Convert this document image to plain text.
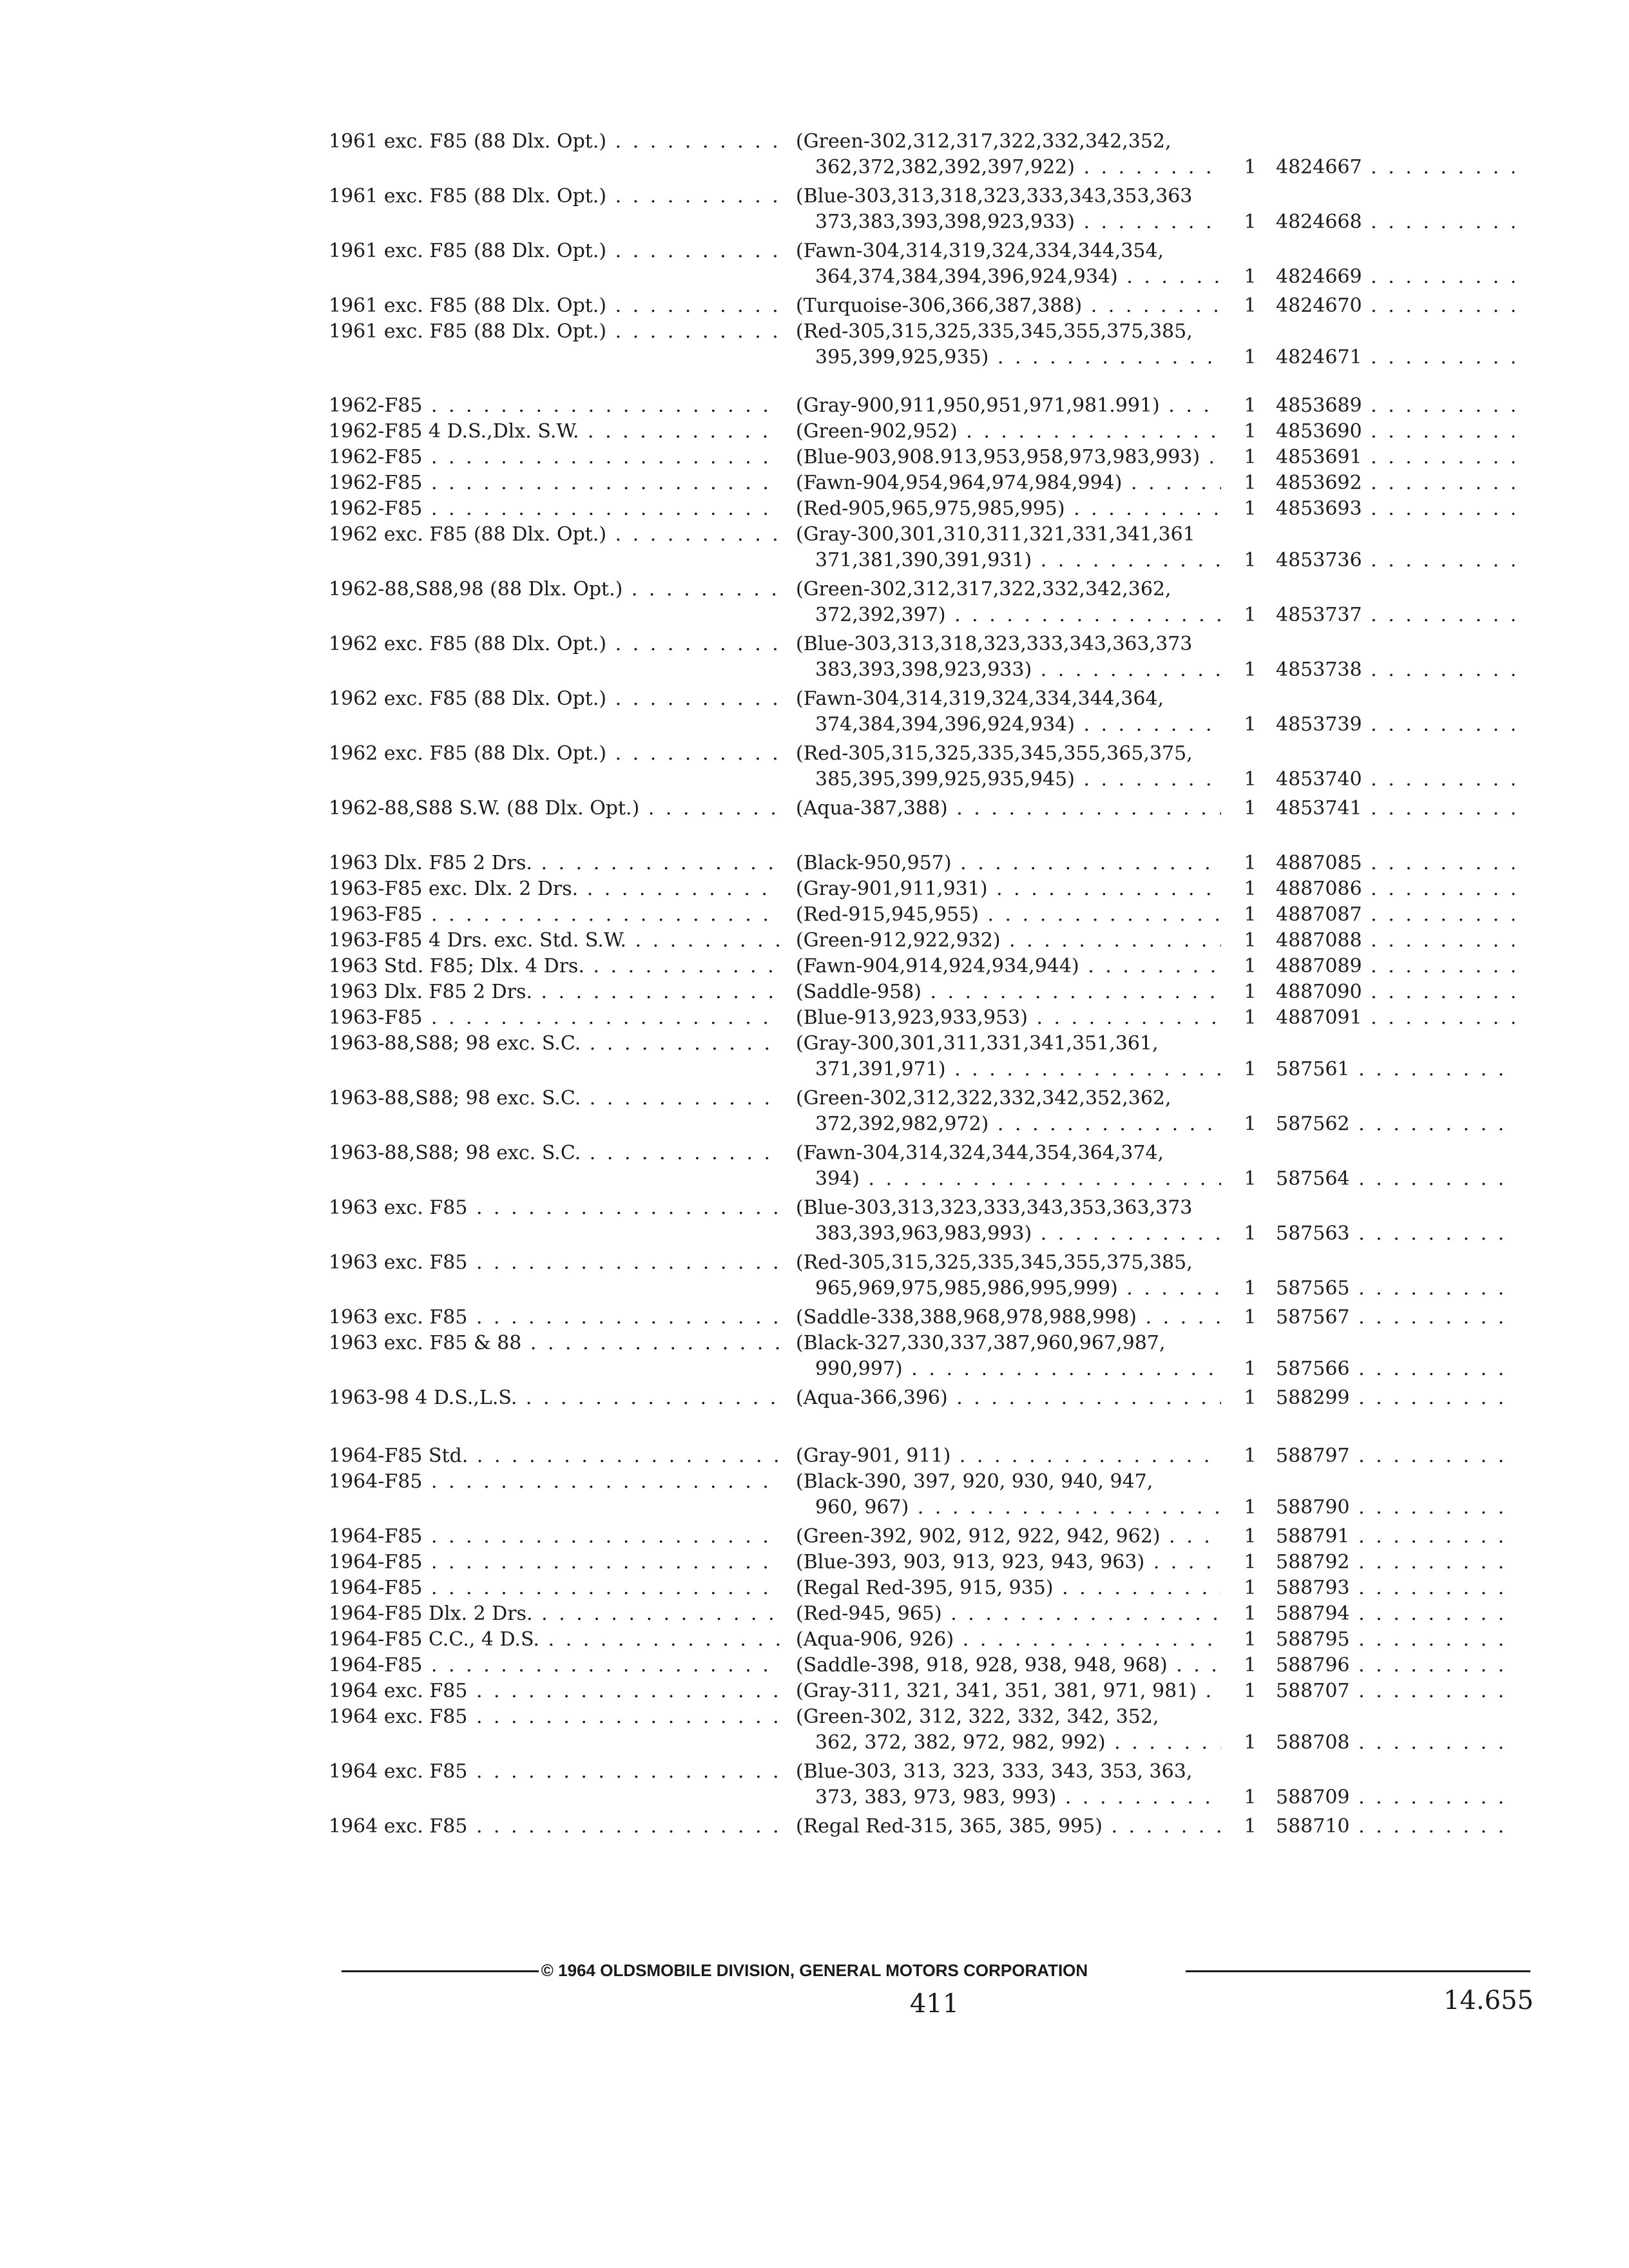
1961 exc. F85 (88 Dlx. Opt.) . . .	(Green-302,312,317,322,332,342,352,
362,372,382,392,397,922) . . .	1	4824667 . . .
1961 exc. F85 (88 Dlx. Opt.) . . .	(Blue-303,313,318,323,333,343,353,363
373,383,393,398,923,933) . . .	1	4824668 . . .
1961 exc. F85 (88 Dlx. Opt.) . . .	(Fawn-304,314,319,324,334,344,354,
364,374,384,394,396,924,934) . . .	1	4824669 . . .
1961 exc. F85 (88 Dlx. Opt.) . . .	(Turquoise-306,366,387,388) . . .	1	4824670 . . .
1961 exc. F85 (88 Dlx. Opt.) . . .	(Red-305,315,325,335,345,355,375,385,
395,399,925,935) . . .	1	4824671 . . .
1962-F85 . . .	(Gray-900,911,950,951,971,981.991) . . .	1	4853689 . . .
1962-F85 4 D.S.,Dlx. S.W. . . .	(Green-902,952) . . .	1	4853690 . . .
1962-F85 . . .	(Blue-903,908.913,953,958,973,983,993) . . .	1	4853691 . . .
1962-F85 . . .	(Fawn-904,954,964,974,984,994) . . .	1	4853692 . . .
1962-F85 . . .	(Red-905,965,975,985,995) . . .	1	4853693 . . .
1962 exc. F85 (88 Dlx. Opt.) . . .	(Gray-300,301,310,311,321,331,341,361
371,381,390,391,931) . . .	1	4853736 . . .
1962-88,S88,98 (88 Dlx. Opt.) . . .	(Green-302,312,317,322,332,342,362,
372,392,397) . . .	1	4853737 . . .
1962 exc. F85 (88 Dlx. Opt.) . . .	(Blue-303,313,318,323,333,343,363,373
383,393,398,923,933) . . .	1	4853738 . . .
1962 exc. F85 (88 Dlx. Opt.) . . .	(Fawn-304,314,319,324,334,344,364,
374,384,394,396,924,934) . . .	1	4853739 . . .
1962 exc. F85 (88 Dlx. Opt.) . . .	(Red-305,315,325,335,345,355,365,375,
385,395,399,925,935,945) . . .	1	4853740 . . .
1962-88,S88 S.W. (88 Dlx. Opt.) . . .	(Aqua-387,388) . . .	1	4853741 . . .
1963 Dlx. F85 2 Drs. . . .	(Black-950,957) . . .	1	4887085 . . .
1963-F85 exc. Dlx. 2 Drs. . . .	(Gray-901,911,931) . . .	1	4887086 . . .
1963-F85 . . .	(Red-915,945,955) . . .	1	4887087 . . .
1963-F85 4 Drs. exc. Std. S.W. . . .	(Green-912,922,932) . . .	1	4887088 . . .
1963 Std. F85; Dlx. 4 Drs. . . .	(Fawn-904,914,924,934,944) . . .	1	4887089 . . .
1963 Dlx. F85 2 Drs. . . .	(Saddle-958) . . .	1	4887090 . . .
1963-F85 . . .	(Blue-913,923,933,953) . . .	1	4887091 . . .
1963-88,S88; 98 exc. S.C. . . .	(Gray-300,301,311,331,341,351,361,
371,391,971) . . .	1	587561 . . .
1963-88,S88; 98 exc. S.C. . . .	(Green-302,312,322,332,342,352,362,
372,392,982,972) . . .	1	587562 . . .
1963-88,S88; 98 exc. S.C. . . .	(Fawn-304,314,324,344,354,364,374,
394) . . .	1	587564 . . .
1963 exc. F85 . . .	(Blue-303,313,323,333,343,353,363,373
383,393,963,983,993) . . .	1	587563 . . .
1963 exc. F85 . . .	(Red-305,315,325,335,345,355,375,385,
965,969,975,985,986,995,999) . . .	1	587565 . . .
1963 exc. F85 . . .	(Saddle-338,388,968,978,988,998) . . .	1	587567 . . .
1963 exc. F85 & 88 . . .	(Black-327,330,337,387,960,967,987,
990,997) . . .	1	587566 . . .
1963-98 4 D.S.,L.S. . . .	(Aqua-366,396) . . .	1	588299 . . .
1964-F85 Std. . . .	(Gray-901, 911) . . .	1	588797 . . .
1964-F85 . . .	(Black-390, 397, 920, 930, 940, 947,
960, 967) . . .	1	588790 . . .
1964-F85 . . .	(Green-392, 902, 912, 922, 942, 962) . . .	1	588791 . . .
1964-F85 . . .	(Blue-393, 903, 913, 923, 943, 963) . . .	1	588792 . . .
1964-F85 . . .	(Regal Red-395, 915, 935) . . .	1	588793 . . .
1964-F85 Dlx. 2 Drs. . . .	(Red-945, 965) . . .	1	588794 . . .
1964-F85 C.C., 4 D.S. . . .	(Aqua-906, 926) . . .	1	588795 . . .
1964-F85 . . .	(Saddle-398, 918, 928, 938, 948, 968) . . .	1	588796 . . .
1964 exc. F85 . . .	(Gray-311, 321, 341, 351, 381, 971, 981) . . .	1	588707 . . .
1964 exc. F85 . . .	(Green-302, 312, 322, 332, 342, 352,
362, 372, 382, 972, 982, 992) . . .	1	588708 . . .
1964 exc. F85 . . .	(Blue-303, 313, 323, 333, 343, 353, 363,
373, 383, 973, 983, 993) . . .	1	588709 . . .
1964 exc. F85 . . .	(Regal Red-315, 365, 385, 995) . . .	1	588710 . . .
© 1964 OLDSMOBILE DIVISION, GENERAL MOTORS CORPORATION
411	14.655
